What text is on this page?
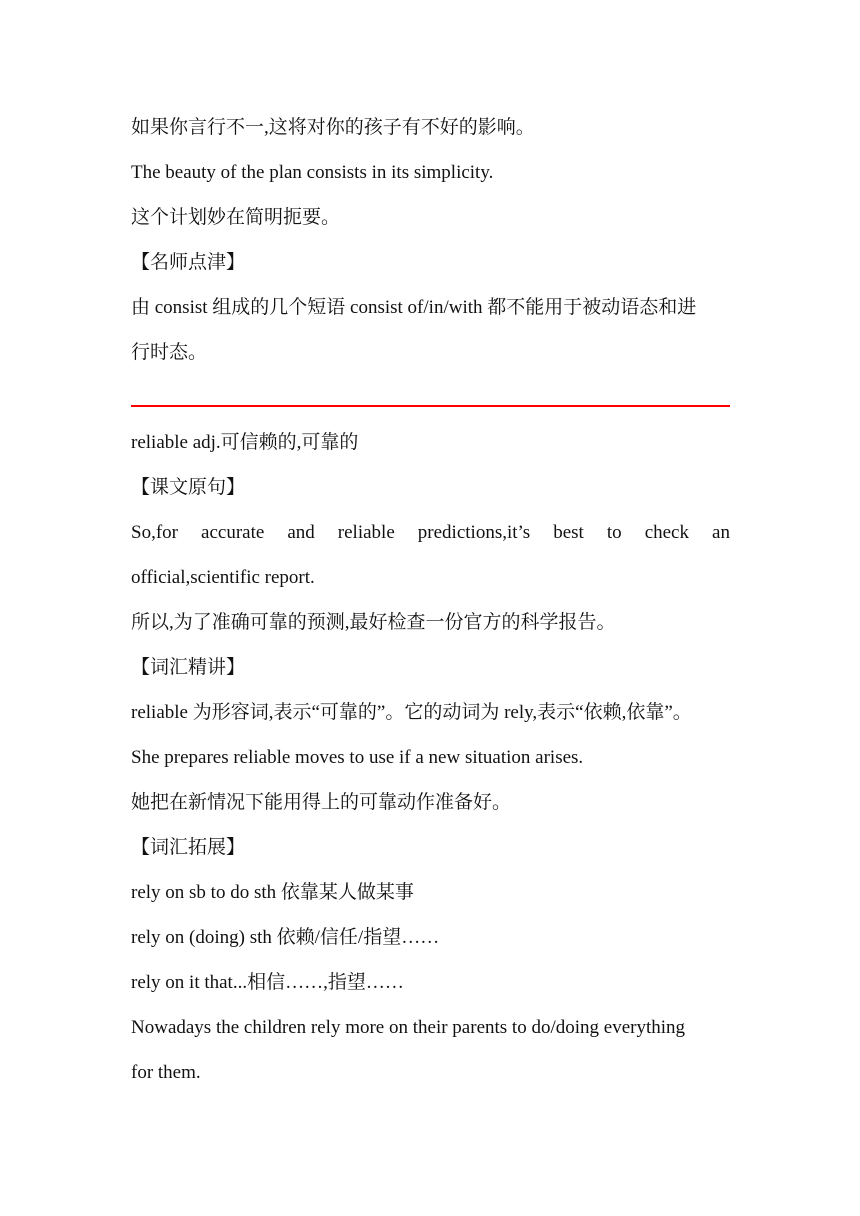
如果你言行不一,这将对你的孩子有不好的影响。
The beauty of the plan consists in its simplicity.
这个计划妙在简明扼要。
【名师点津】
由 consist 组成的几个短语 consist of/in/with 都不能用于被动语态和进
行时态。
reliable adj.可信赖的,可靠的
【课文原句】
So,for accurate and reliable predictions,it’s best to check an
official,scientific report.
所以,为了准确可靠的预测,最好检查一份官方的科学报告。
【词汇精讲】
reliable 为形容词,表示“可靠的”。它的动词为 rely,表示“依赖,依靠”。
She prepares reliable moves to use if a new situation arises.
她把在新情况下能用得上的可靠动作准备好。
【词汇拓展】
rely on sb to do sth 依靠某人做某事
rely on (doing) sth 依赖/信任/指望……
rely on it that...相信……,指望……
Nowadays the children rely more on their parents to do/doing everything
for them.
